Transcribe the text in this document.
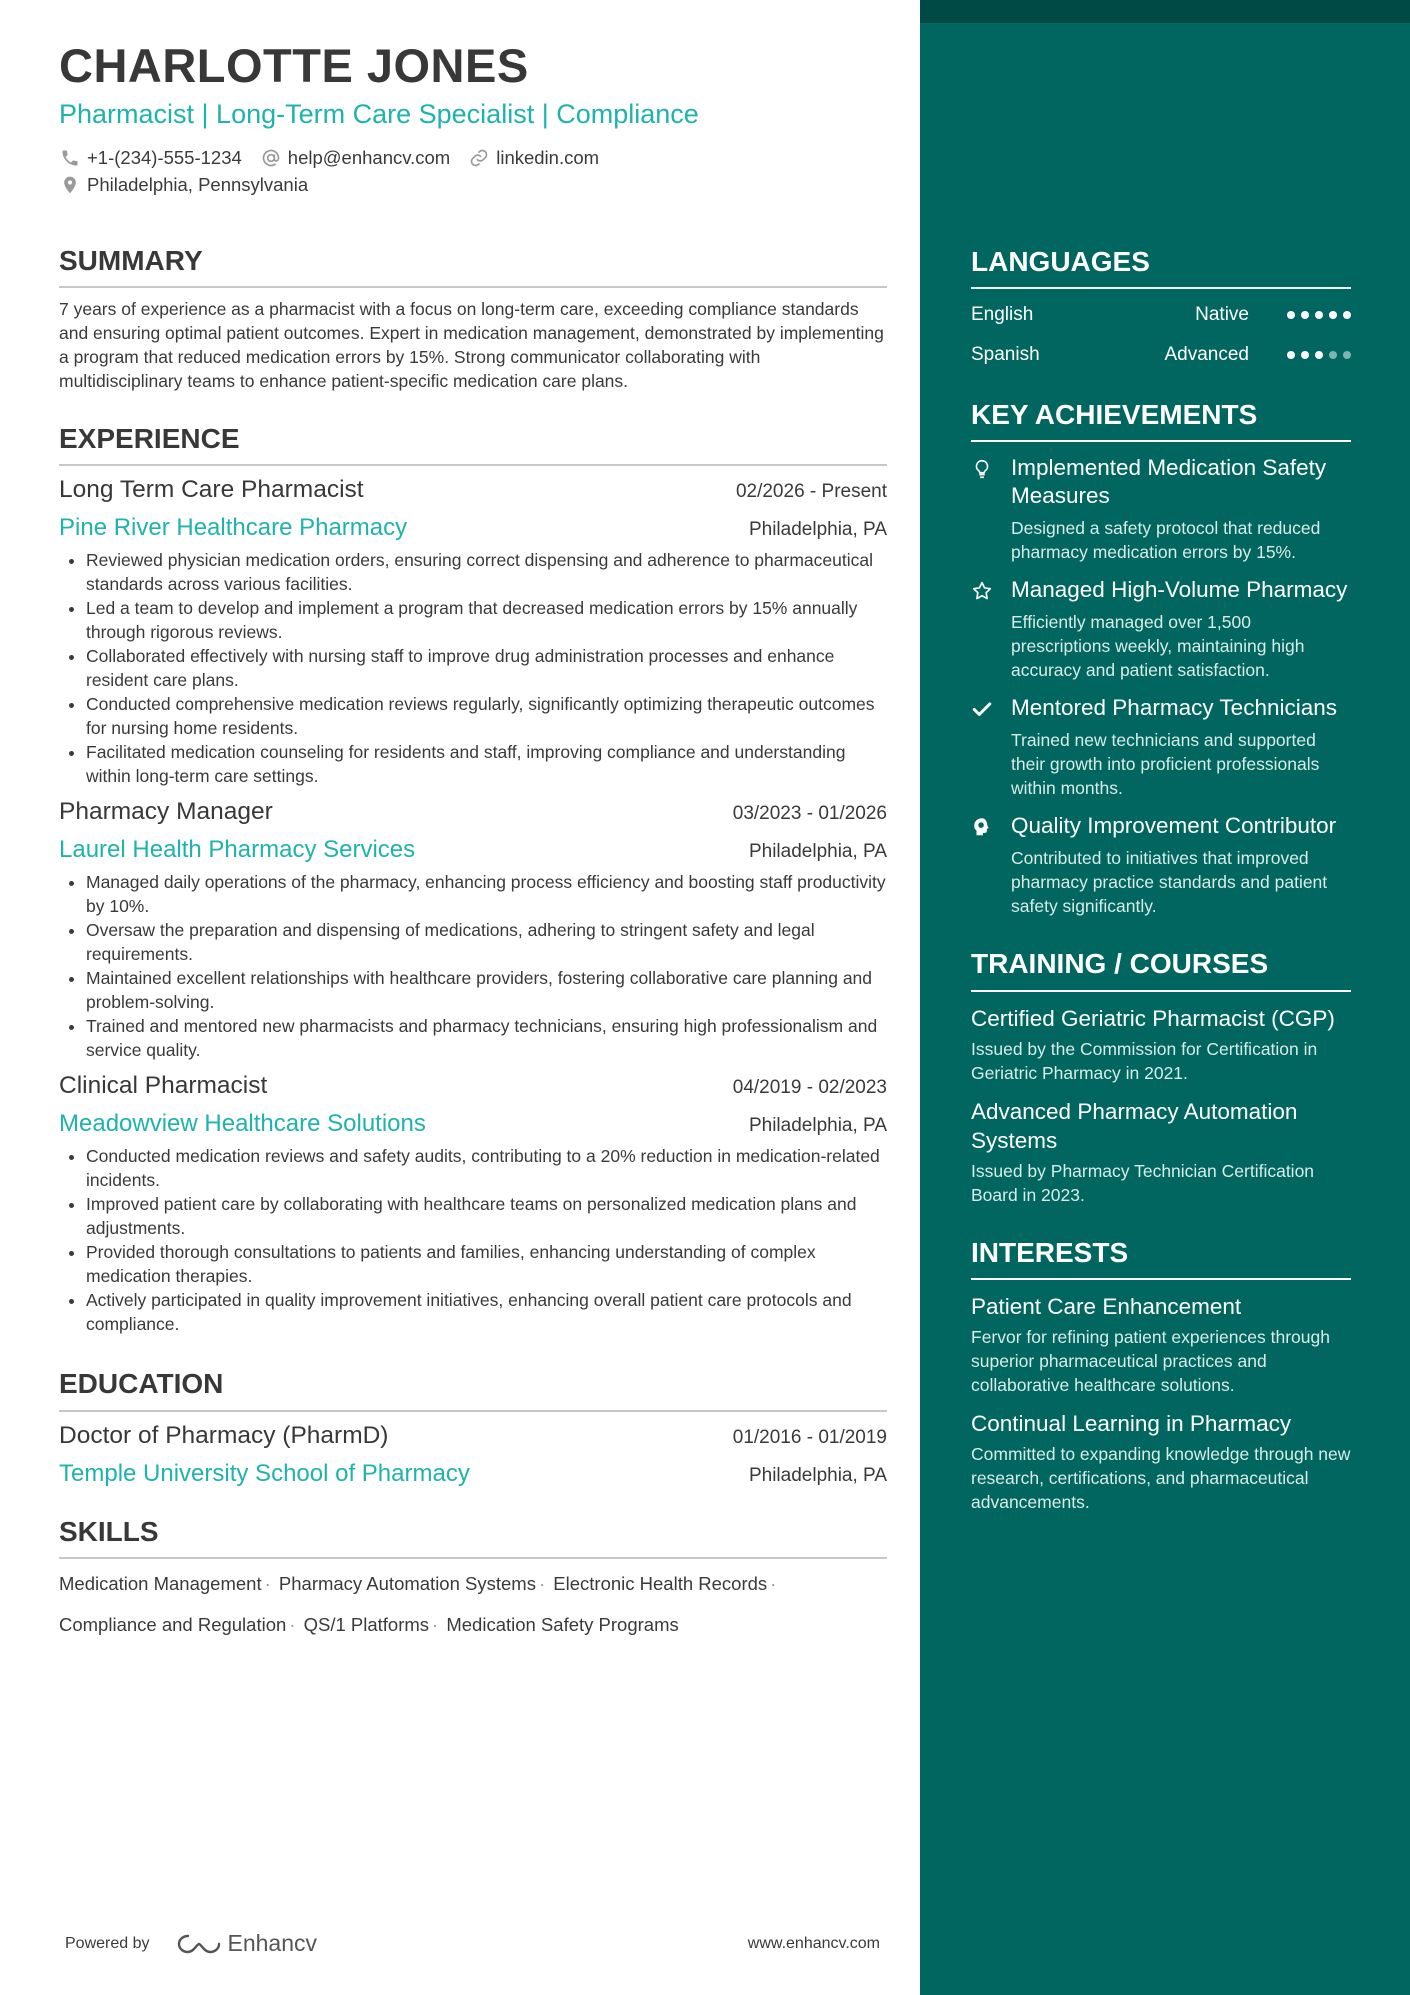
CHARLOTTE JONES
Pharmacist | Long-Term Care Specialist | Compliance
+1-(234)-555-1234 help@enhancv.com linkedin.com
Philadelphia, Pennsylvania
SUMMARY
7 years of experience as a pharmacist with a focus on long-term care, exceeding compliance standards and ensuring optimal patient outcomes. Expert in medication management, demonstrated by implementing a program that reduced medication errors by 15%. Strong communicator collaborating with multidisciplinary teams to enhance patient-specific medication care plans.
EXPERIENCE
Long Term Care Pharmacist	02/2026 - Present
Pine River Healthcare Pharmacy	Philadelphia, PA
• Reviewed physician medication orders, ensuring correct dispensing and adherence to pharmaceutical standards across various facilities.
• Led a team to develop and implement a program that decreased medication errors by 15% annually through rigorous reviews.
• Collaborated effectively with nursing staff to improve drug administration processes and enhance resident care plans.
• Conducted comprehensive medication reviews regularly, significantly optimizing therapeutic outcomes for nursing home residents.
• Facilitated medication counseling for residents and staff, improving compliance and understanding within long-term care settings.
Pharmacy Manager	03/2023 - 01/2026
Laurel Health Pharmacy Services	Philadelphia, PA
• Managed daily operations of the pharmacy, enhancing process efficiency and boosting staff productivity by 10%.
• Oversaw the preparation and dispensing of medications, adhering to stringent safety and legal requirements.
• Maintained excellent relationships with healthcare providers, fostering collaborative care planning and problem-solving.
• Trained and mentored new pharmacists and pharmacy technicians, ensuring high professionalism and service quality.
Clinical Pharmacist	04/2019 - 02/2023
Meadowview Healthcare Solutions	Philadelphia, PA
• Conducted medication reviews and safety audits, contributing to a 20% reduction in medication-related incidents.
• Improved patient care by collaborating with healthcare teams on personalized medication plans and adjustments.
• Provided thorough consultations to patients and families, enhancing understanding of complex medication therapies.
• Actively participated in quality improvement initiatives, enhancing overall patient care protocols and compliance.
EDUCATION
Doctor of Pharmacy (PharmD)	01/2016 - 01/2019
Temple University School of Pharmacy	Philadelphia, PA
SKILLS
Medication Management · Pharmacy Automation Systems · Electronic Health Records ·
Compliance and Regulation · QS/1 Platforms · Medication Safety Programs
Powered by	Enhancv	www.enhancv.com
LANGUAGES
English	Native
Spanish	Advanced
KEY ACHIEVEMENTS
Implemented Medication Safety Measures
Designed a safety protocol that reduced pharmacy medication errors by 15%.
Managed High-Volume Pharmacy
Efficiently managed over 1,500 prescriptions weekly, maintaining high accuracy and patient satisfaction.
Mentored Pharmacy Technicians
Trained new technicians and supported their growth into proficient professionals within months.
Quality Improvement Contributor
Contributed to initiatives that improved pharmacy practice standards and patient safety significantly.
TRAINING / COURSES
Certified Geriatric Pharmacist (CGP)
Issued by the Commission for Certification in Geriatric Pharmacy in 2021.
Advanced Pharmacy Automation Systems
Issued by Pharmacy Technician Certification Board in 2023.
INTERESTS
Patient Care Enhancement
Fervor for refining patient experiences through superior pharmaceutical practices and collaborative healthcare solutions.
Continual Learning in Pharmacy
Committed to expanding knowledge through new research, certifications, and pharmaceutical advancements.
